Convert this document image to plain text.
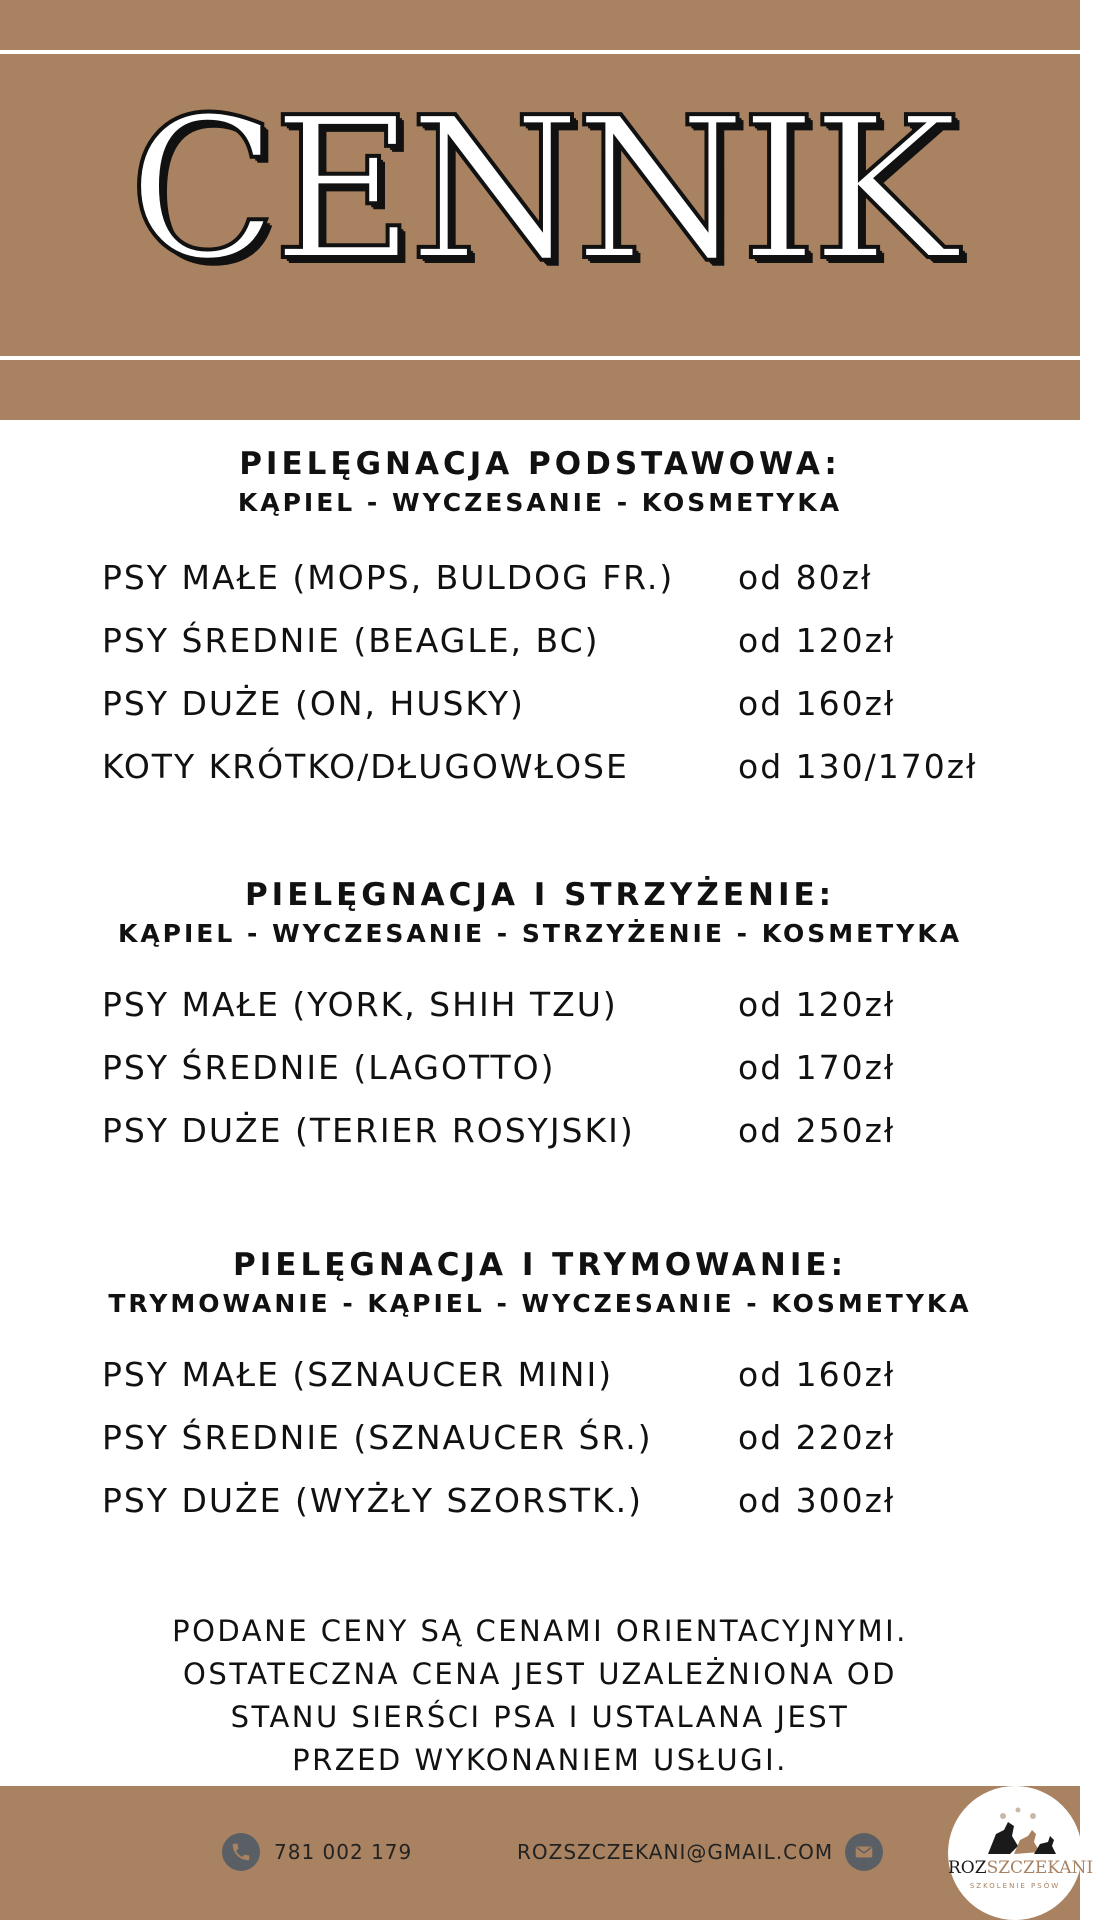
CENNIK
PIELĘGNACJA PODSTAWOWA:

KĄPIEL - WYCZESANIE - KOSMETYKA

PSY MAŁE (MOPS, BULDOG FR.) od 80zł
PSY ŚREDNIE (BEAGLE, BC)	od 120zł
PSY DUŻE (ON, HUSKY)	od 160zł
KOTY KRÓTKO/DŁUGOWŁOSE	od 130/170zł
PIELĘGNACJA I STRZYŻENIE:

KĄPIEL - WYCZESANIE - STRZYŻENIE - KOSMETYKA

PSY MAŁE (YORK, SHIH TZU)	od 120zł
PSY ŚREDNIE (LAGOTTO)	od 170zł
PSY DUŻE (TERIER ROSYJSKI)	od 250zł
PIELĘGNACJA I TRYMOWANIE:

TRYMOWANIE - KĄPIEL - WYCZESANIE - KOSMETYKA

PSY MAŁE (SZNAUCER MINI)	od 160zł
PSY ŚREDNIE (SZNAUCER ŚR.)	od 220zł
PSY DUŻE (WYŻŁY SZORSTK.)	od 300zł
PODANE CENY SĄ CENAMI ORIENTACYJNYMI.
OSTATECZNA CENA JEST UZALEŻNIONA OD
STANU SIERŚCI PSA I USTALANA JEST
PRZED WYKONANIEM USŁUGI.
781 002 179	ROZSZCZEKANI@GMAIL.COM
ROZSZCZEKANI
SZKOLENIE PSÓW
